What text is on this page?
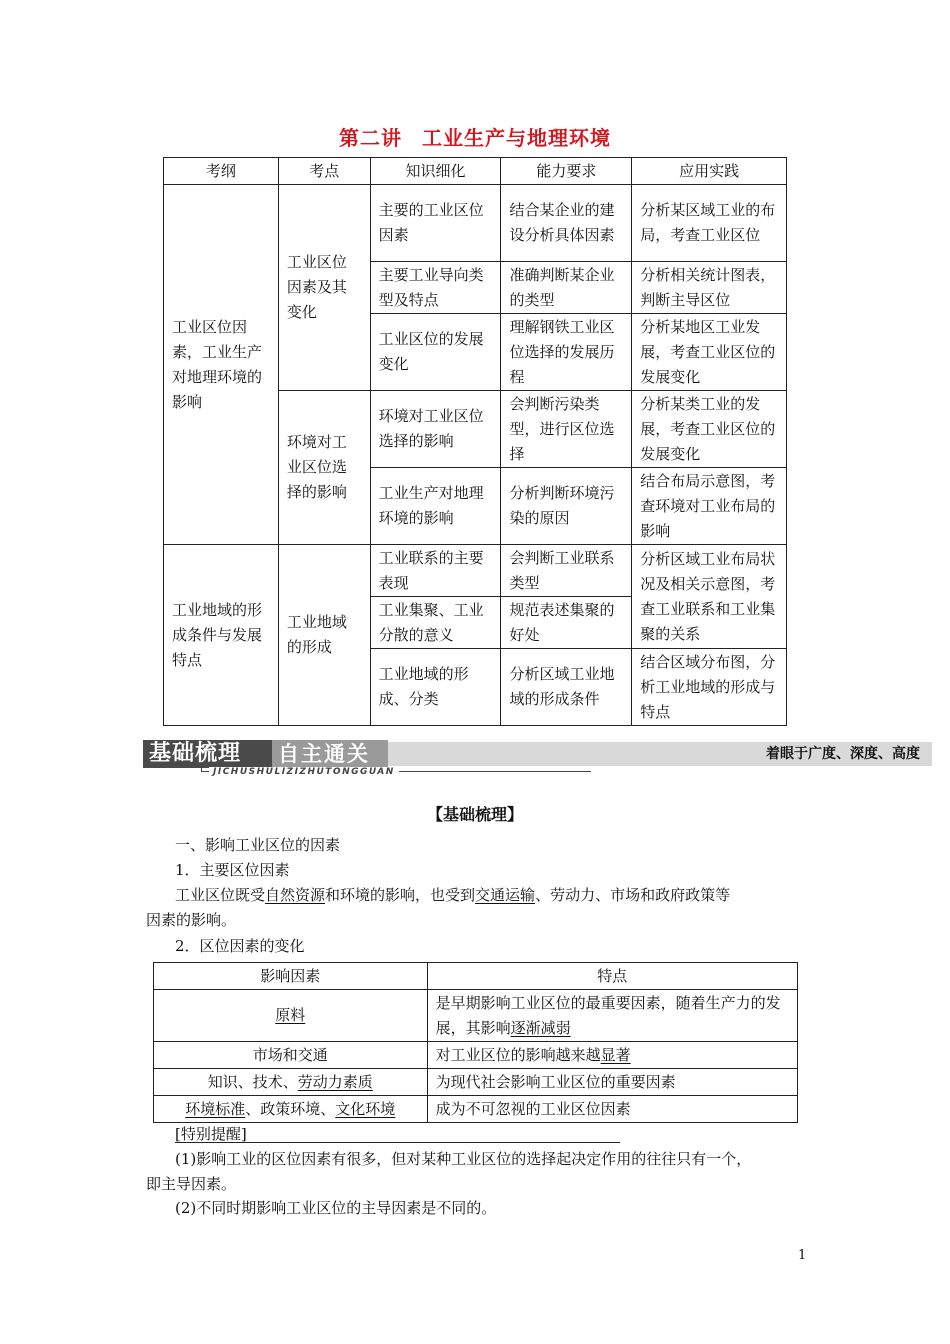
第二讲 工业生产与地理环境
考纲	考点	知识细化	能力要求	应用实践
工业区位因素，工业生产对地理环境的影响	工业区位因素及其变化	主要的工业区位因素	结合某企业的建设分析具体因素	分析某区域工业的布局，考查工业区位
		主要工业导向类型及特点	准确判断某企业的类型	分析相关统计图表，判断主导区位
		工业区位的发展变化	理解钢铁工业区位选择的发展历程	分析某地区工业发展，考查工业区位的发展变化
	环境对工业区位选择的影响	环境对工业区位选择的影响	会判断污染类型，进行区位选择	分析某类工业的发展，考查工业区位的发展变化
		工业生产对地理环境的影响	分析判断环境污染的原因	结合布局示意图，考查环境对工业布局的影响
工业地域的形成条件与发展特点	工业地域的形成	工业联系的主要表现	会判断工业联系类型	分析区域工业布局状况及相关示意图，考查工业联系和工业集聚的关系
		工业集聚、工业分散的意义	规范表述集聚的好处	
		工业地域的形成、分类	分析区域工业地域的形成条件	结合区域分布图，分析工业地域的形成与特点
基础梳理	自主通关	着眼于广度、深度、高度
JICHUSHULIZIZHUTONGGUAN
【基础梳理】
一、影响工业区位的因素
1．主要区位因素
工业区位既受自然资源和环境的影响，也受到交通运输、劳动力、市场和政府政策等
因素的影响。
2．区位因素的变化
影响因素	特点
原料	是早期影响工业区位的最重要因素，随着生产力的发展，其影响逐渐减弱
市场和交通	对工业区位的影响越来越显著
知识、技术、劳动力素质	为现代社会影响工业区位的重要因素
环境标准、政策环境、文化环境	成为不可忽视的工业区位因素
[特别提醒]
(1)影响工业的区位因素有很多，但对某种工业区位的选择起决定作用的往往只有一个，
即主导因素。
(2)不同时期影响工业区位的主导因素是不同的。
1
